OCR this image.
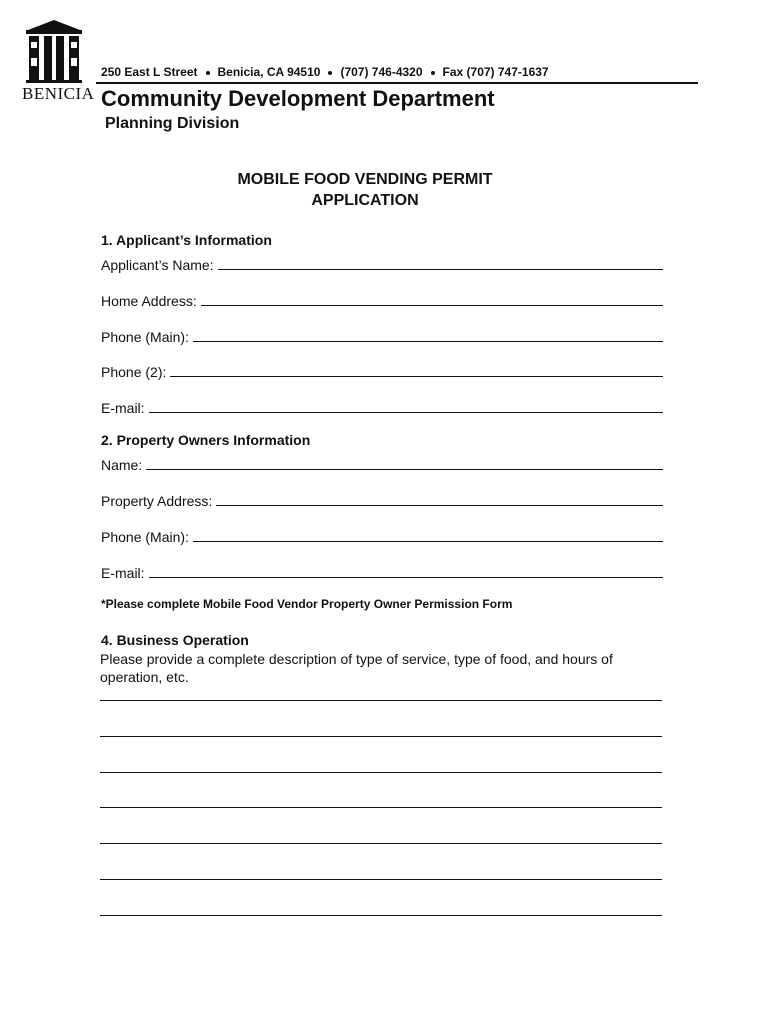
BENICIA
250 East L Street Benicia, CA 94510 (707) 746-4320 Fax (707) 747-1637
Community Development Department
Planning Division
MOBILE FOOD VENDING PERMIT
APPLICATION
1. Applicant’s Information
Applicant’s Name:
Home Address:
Phone (Main):
Phone (2):
E-mail:
2. Property Owners Information
Name:
Property Address:
Phone (Main):
E-mail:
*Please complete Mobile Food Vendor Property Owner Permission Form
4. Business Operation
Please provide a complete description of type of service, type of food, and hours of operation, etc.
